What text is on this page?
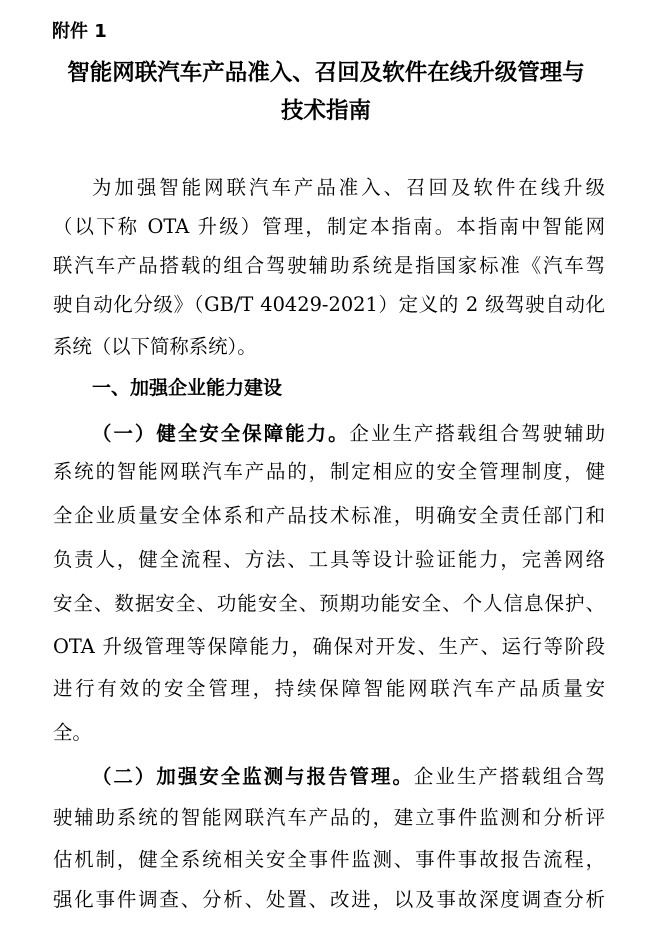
附件 1
智能网联汽车产品准入、召回及软件在线升级管理与
技术指南
为加强智能网联汽车产品准入、召回及软件在线升级
（以下称 OTA 升级）管理，制定本指南。本指南中智能网
联汽车产品搭载的组合驾驶辅助系统是指国家标准《汽车驾
驶自动化分级》（GB/T 40429-2021）定义的 2 级驾驶自动化
系统（以下简称系统）。
一、加强企业能力建设
（一）健全安全保障能力。企业生产搭载组合驾驶辅助
系统的智能网联汽车产品的，制定相应的安全管理制度，健
全企业质量安全体系和产品技术标准，明确安全责任部门和
负责人，健全流程、方法、工具等设计验证能力，完善网络
安全、数据安全、功能安全、预期功能安全、个人信息保护、
OTA 升级管理等保障能力，确保对开发、生产、运行等阶段
进行有效的安全管理，持续保障智能网联汽车产品质量安
全。
（二）加强安全监测与报告管理。企业生产搭载组合驾
驶辅助系统的智能网联汽车产品的，建立事件监测和分析评
估机制，健全系统相关安全事件监测、事件事故报告流程，
强化事件调查、分析、处置、改进，以及事故深度调查分析
